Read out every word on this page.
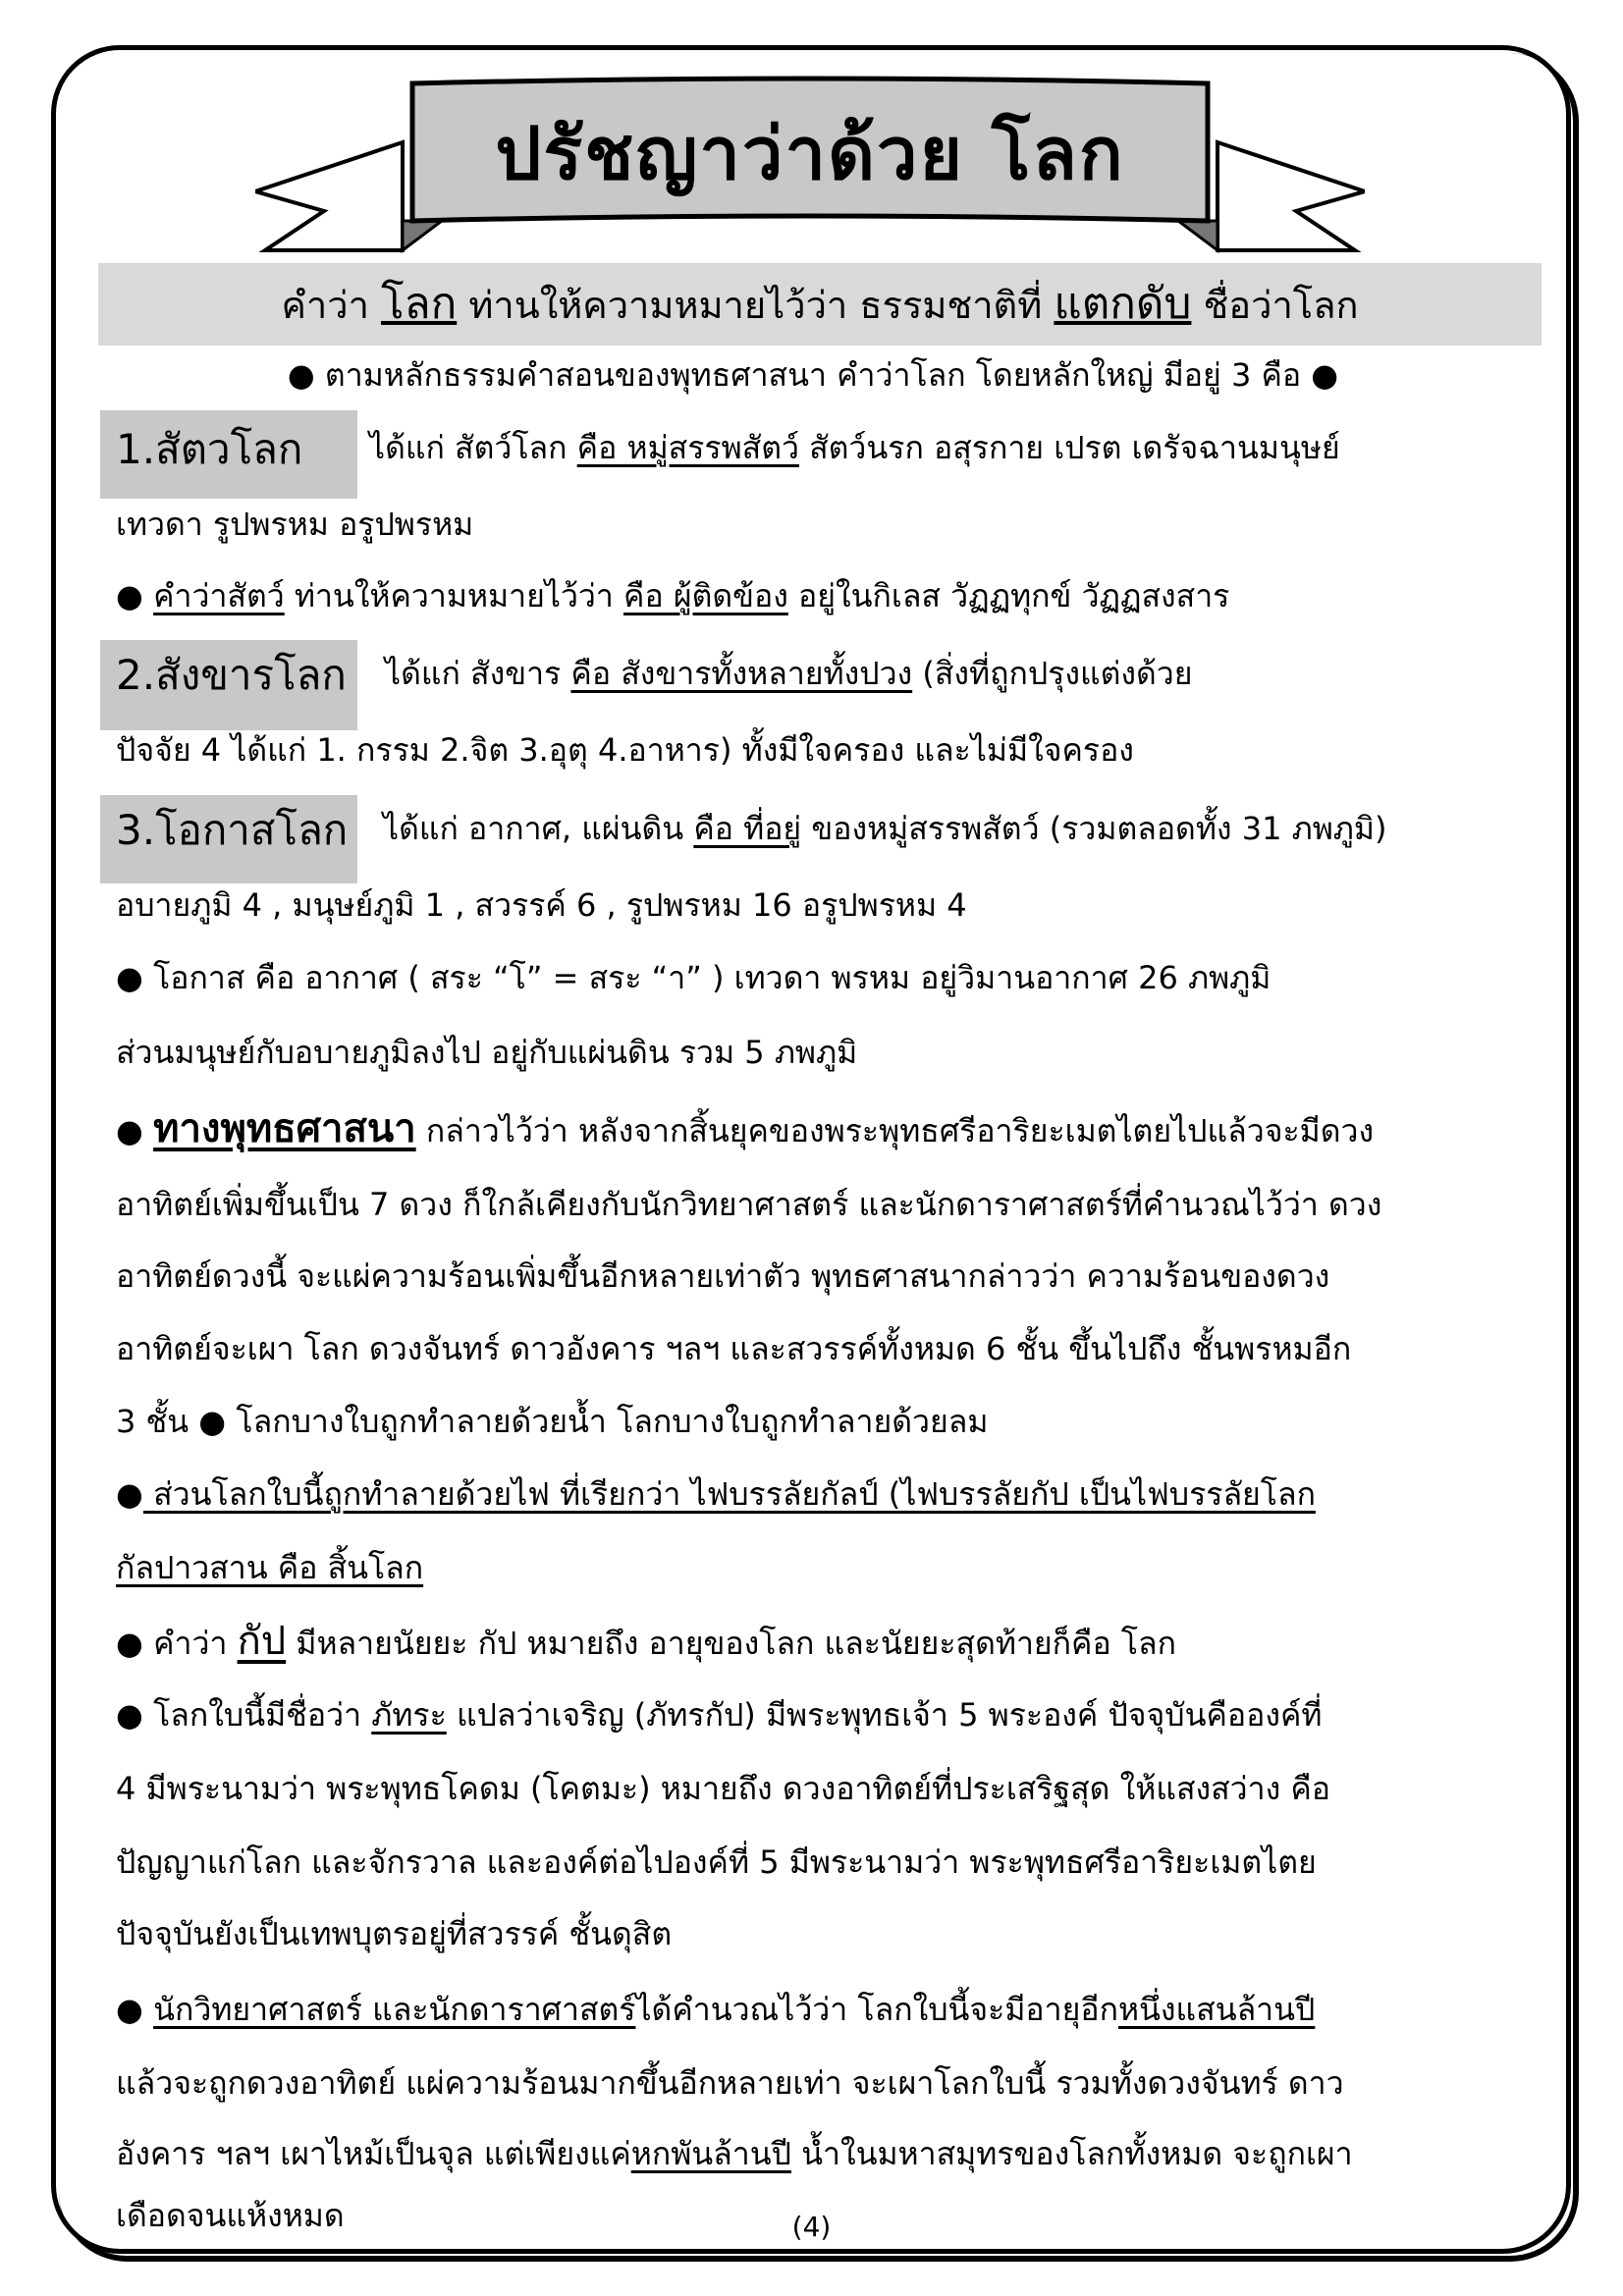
ปรัชญาว่าด้วย โลก
คำว่า โลก ท่านให้ความหมายไว้ว่า ธรรมชาติที่ แตกดับ ชื่อว่าโลก
● ตามหลักธรรมคำสอนของพุทธศาสนา คำว่าโลก โดยหลักใหญ่ มีอยู่ 3 คือ ●
1.สัตวโลก ได้แก่ สัตว์โลก คือ หมู่สรรพสัตว์ สัตว์นรก อสุรกาย เปรต เดรัจฉานมนุษย์
เทวดา รูปพรหม อรูปพรหม
● คำว่าสัตว์ ท่านให้ความหมายไว้ว่า คือ ผู้ติดข้อง อยู่ในกิเลส วัฏฏทุกข์ วัฏฏสงสาร
2.สังขารโลก ได้แก่ สังขาร คือ สังขารทั้งหลายทั้งปวง (สิ่งที่ถูกปรุงแต่งด้วย
ปัจจัย 4 ได้แก่ 1. กรรม 2.จิต 3.อุตุ 4.อาหาร) ทั้งมีใจครอง และไม่มีใจครอง
3.โอกาสโลก ได้แก่ อากาศ, แผ่นดิน คือ ที่อยู่ ของหมู่สรรพสัตว์ (รวมตลอดทั้ง 31 ภพภูมิ)
อบายภูมิ 4 , มนุษย์ภูมิ 1 , สวรรค์ 6 , รูปพรหม 16 อรูปพรหม 4
● โอกาส คือ อากาศ ( สระ “โ” = สระ “า” ) เทวดา พรหม อยู่วิมานอากาศ 26 ภพภูมิ
ส่วนมนุษย์กับอบายภูมิลงไป อยู่กับแผ่นดิน รวม 5 ภพภูมิ
● ทางพุทธศาสนา กล่าวไว้ว่า หลังจากสิ้นยุคของพระพุทธศรีอาริยะเมตไตยไปแล้วจะมีดวง
อาทิตย์เพิ่มขึ้นเป็น 7 ดวง ก็ใกล้เคียงกับนักวิทยาศาสตร์ และนักดาราศาสตร์ที่คำนวณไว้ว่า ดวง
อาทิตย์ดวงนี้ จะแผ่ความร้อนเพิ่มขึ้นอีกหลายเท่าตัว พุทธศาสนากล่าวว่า ความร้อนของดวง
อาทิตย์จะเผา โลก ดวงจันทร์ ดาวอังคาร ฯลฯ และสวรรค์ทั้งหมด 6 ชั้น ขึ้นไปถึง ชั้นพรหมอีก
3 ชั้น ● โลกบางใบถูกทำลายด้วยน้ำ โลกบางใบถูกทำลายด้วยลม
● ส่วนโลกใบนี้ถูกทำลายด้วยไฟ ที่เรียกว่า ไฟบรรลัยกัลป์ (ไฟบรรลัยกัป เป็นไฟบรรลัยโลก
กัลปาวสาน คือ สิ้นโลก
● คำว่า กัป มีหลายนัยยะ กัป หมายถึง อายุของโลก และนัยยะสุดท้ายก็คือ โลก
● โลกใบนี้มีชื่อว่า ภัทระ แปลว่าเจริญ (ภัทรกัป) มีพระพุทธเจ้า 5 พระองค์ ปัจจุบันคือองค์ที่
4 มีพระนามว่า พระพุทธโคดม (โคตมะ) หมายถึง ดวงอาทิตย์ที่ประเสริฐสุด ให้แสงสว่าง คือ
ปัญญาแก่โลก และจักรวาล และองค์ต่อไปองค์ที่ 5 มีพระนามว่า พระพุทธศรีอาริยะเมตไตย
ปัจจุบันยังเป็นเทพบุตรอยู่ที่สวรรค์ ชั้นดุสิต
● นักวิทยาศาสตร์ และนักดาราศาสตร์ได้คำนวณไว้ว่า โลกใบนี้จะมีอายุอีกหนึ่งแสนล้านปี
แล้วจะถูกดวงอาทิตย์ แผ่ความร้อนมากขึ้นอีกหลายเท่า จะเผาโลกใบนี้ รวมทั้งดวงจันทร์ ดาว
อังคาร ฯลฯ เผาไหม้เป็นจุล แต่เพียงแค่หกพันล้านปี น้ำในมหาสมุทรของโลกทั้งหมด จะถูกเผา
เดือดจนแห้งหมด	(4)
